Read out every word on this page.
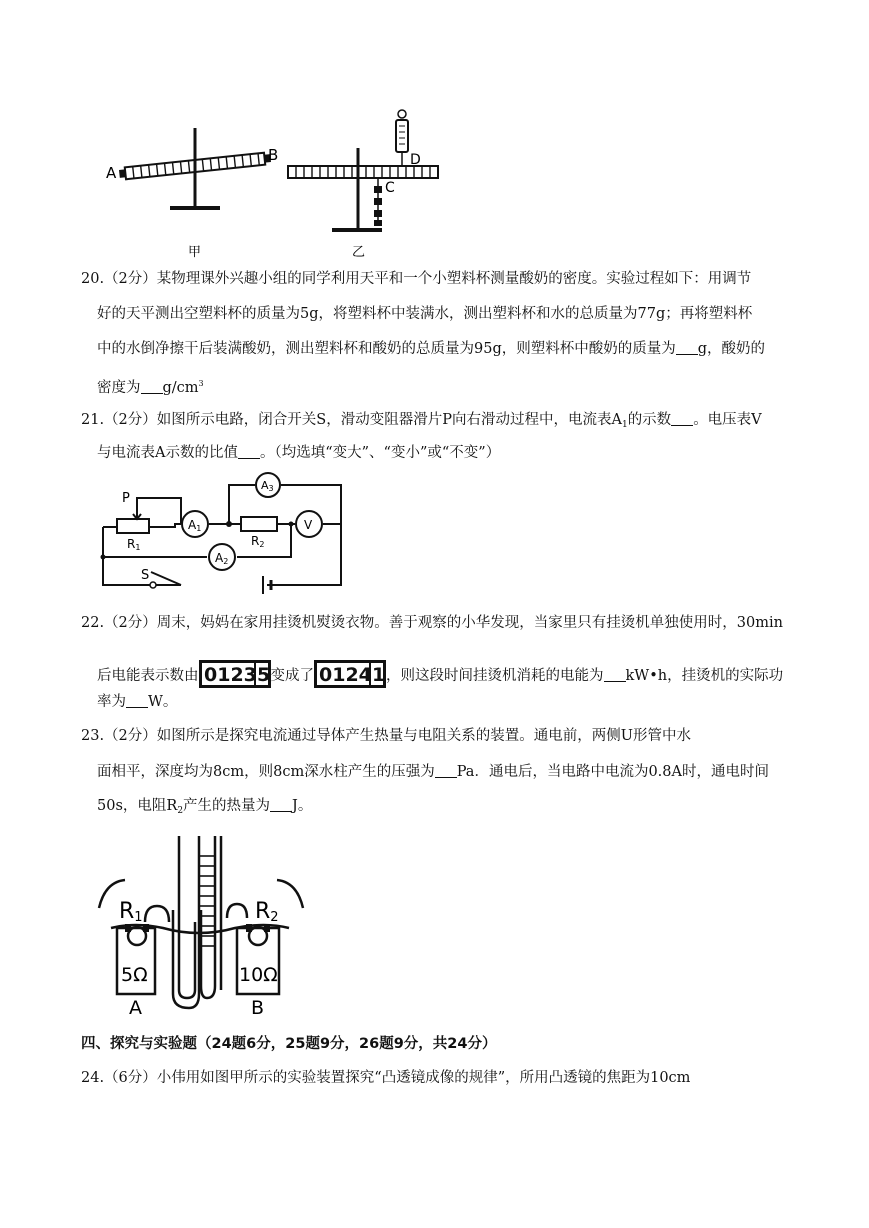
A
B
甲
C
D
乙
20.（2分）某物理课外兴趣小组的同学利用天平和一个小塑料杯测量酸奶的密度。实验过程如下：用调节
好的天平测出空塑料杯的质量为5g，将塑料杯中装满水，测出塑料杯和水的总质量为77g；再将塑料杯
中的水倒净擦干后装满酸奶，测出塑料杯和酸奶的总质量为95g，则塑料杯中酸奶的质量为 g，酸奶的
密度为 $g/cm^3$
21.（2分）如图所示电路，闭合开关S，滑动变阻器滑片P向右滑动过程中，电流表$A_1$的示数 。电压表V
与电流表A示数的比值 。（均选填“变大”、“变小”或“不变”）
A1
A3
A2
V
P
R1	R2
S
22.（2分）周末，妈妈在家用挂烫机熨烫衣物。善于观察的小华发现，当家里只有挂烫机单独使用时，30min
后电能表示数由 0123 5 变成了 0124 1 ，则这段时间挂烫机消耗的电能为 kW•h，挂烫机的实际功
率为 W。
23.（2分）如图所示是探究电流通过导体产生热量与电阻关系的装置。通电前，两侧U形管中水
面相平，深度均为8cm，则8cm深水柱产生的压强为 Pa．通电后，当电路中电流为0.8A时，通电时间
50s，电阻$R_2$产生的热量为 J。
R1	R2
5Ω	10Ω
A	B
四、探究与实验题（24题6分，25题9分，26题9分，共24分）
24.（6分）小伟用如图甲所示的实验装置探究“凸透镜成像的规律”，所用凸透镜的焦距为10cm
